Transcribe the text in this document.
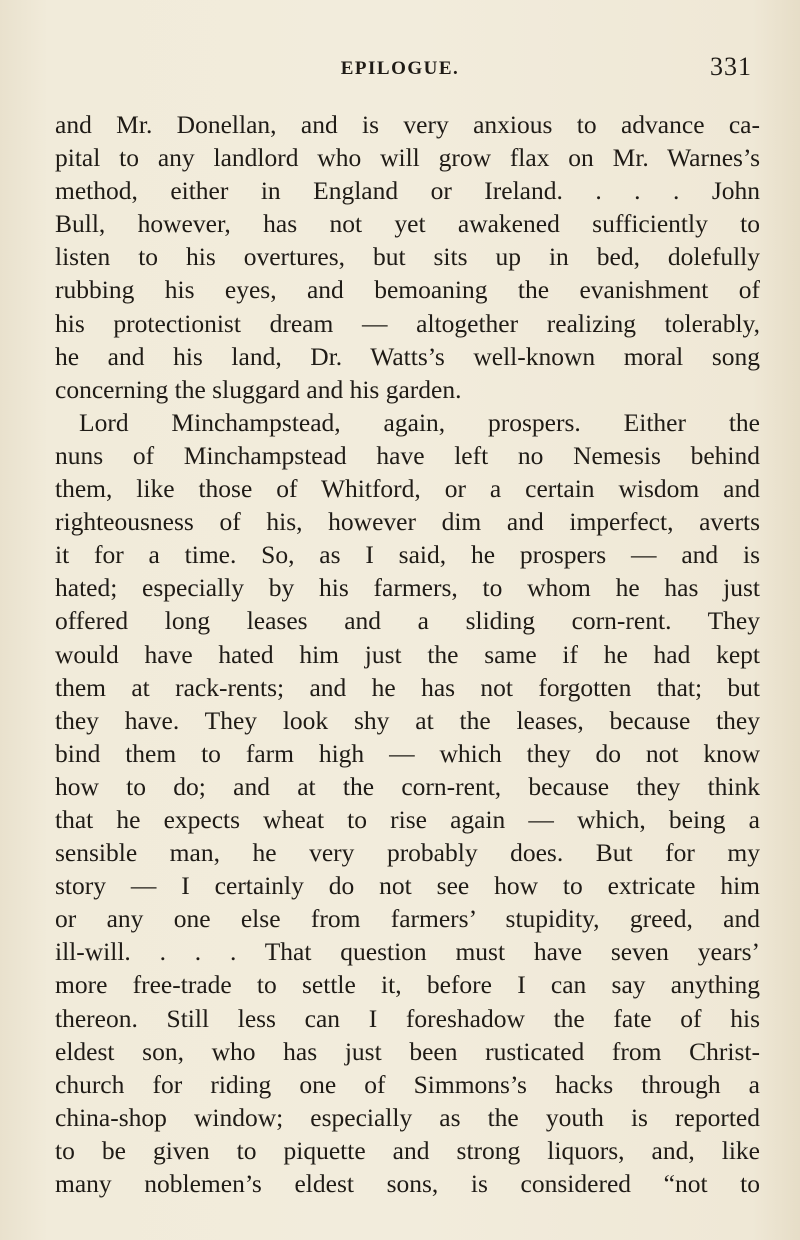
EPILOGUE.	331
and Mr. Donellan, and is very anxious to advance ca-
pital to any landlord who will grow flax on Mr. Warnes’s
method, either in England or Ireland. . . . John
Bull, however, has not yet awakened sufficiently to
listen to his overtures, but sits up in bed, dolefully
rubbing his eyes, and bemoaning the evanishment of
his protectionist dream — altogether realizing tolerably,
he and his land, Dr. Watts’s well-known moral song
concerning the sluggard and his garden.
Lord Minchampstead, again, prospers. Either the
nuns of Minchampstead have left no Nemesis behind
them, like those of Whitford, or a certain wisdom and
righteousness of his, however dim and imperfect, averts
it for a time. So, as I said, he prospers — and is
hated; especially by his farmers, to whom he has just
offered long leases and a sliding corn-rent. They
would have hated him just the same if he had kept
them at rack-rents; and he has not forgotten that; but
they have. They look shy at the leases, because they
bind them to farm high — which they do not know
how to do; and at the corn-rent, because they think
that he expects wheat to rise again — which, being a
sensible man, he very probably does. But for my
story — I certainly do not see how to extricate him
or any one else from farmers’ stupidity, greed, and
ill-will. . . . That question must have seven years’
more free-trade to settle it, before I can say anything
thereon. Still less can I foreshadow the fate of his
eldest son, who has just been rusticated from Christ-
church for riding one of Simmons’s hacks through a
china-shop window; especially as the youth is reported
to be given to piquette and strong liquors, and, like
many noblemen’s eldest sons, is considered “not to
